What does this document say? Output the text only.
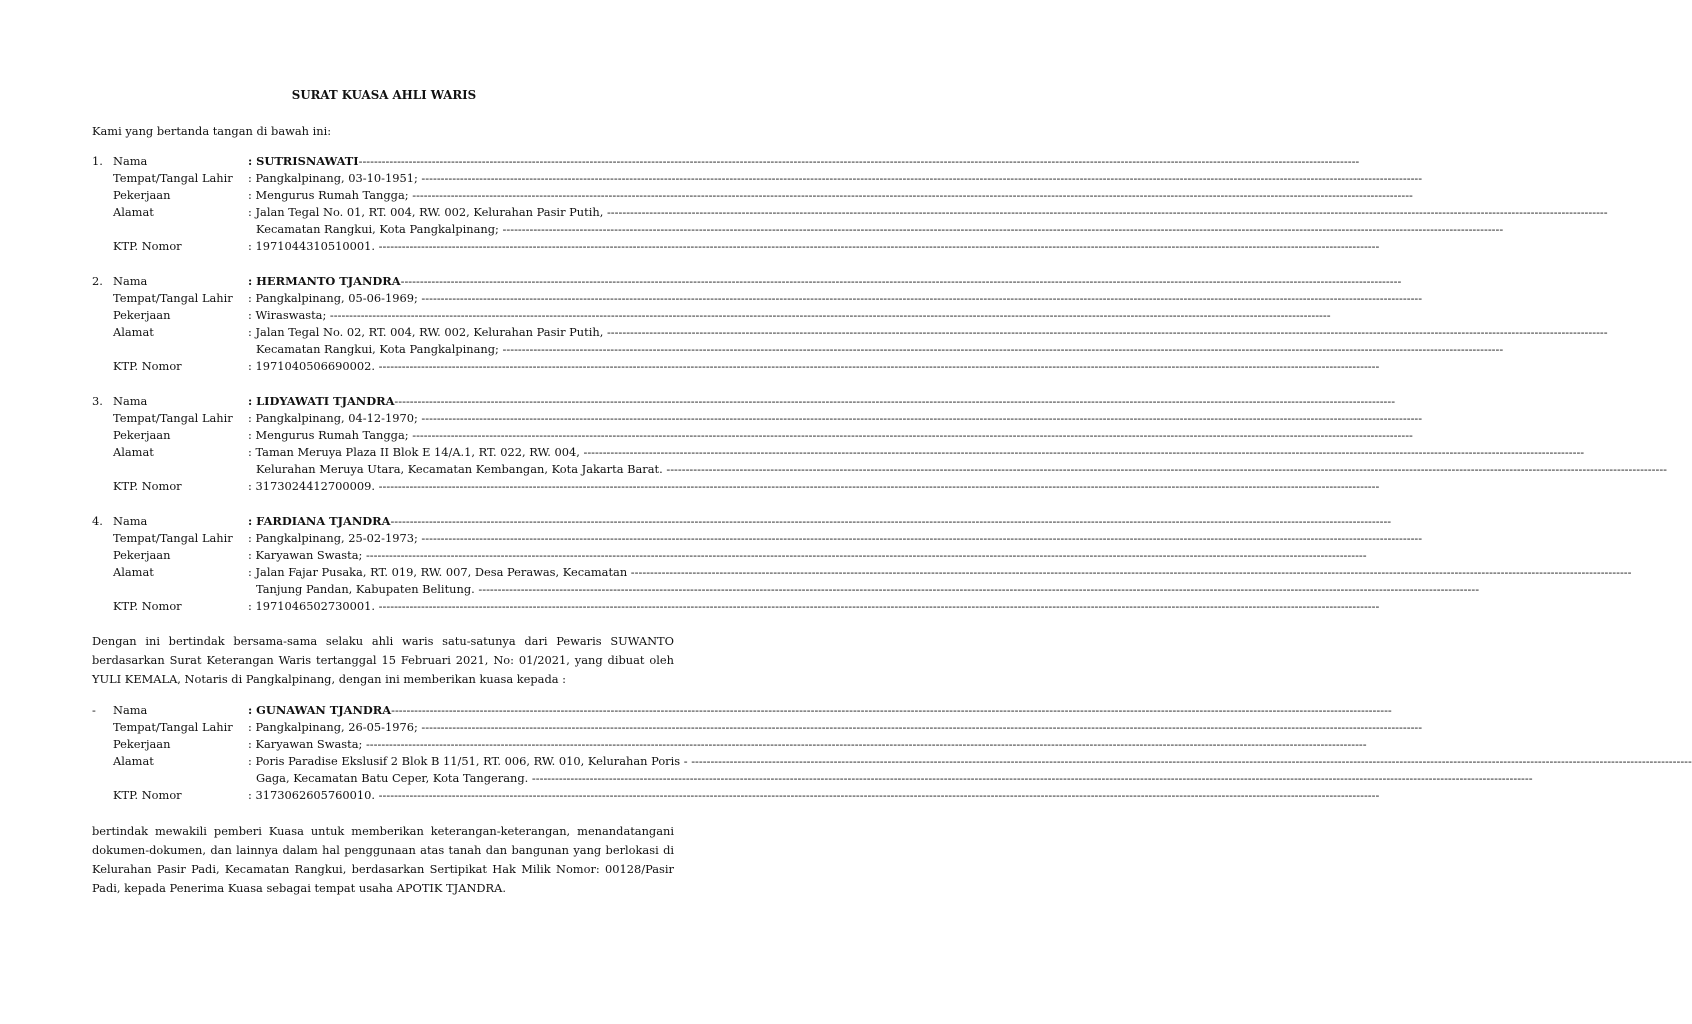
SURAT KUASA AHLI WARIS
Kami yang bertanda tangan di bawah ini:
1. Nama	: SUTRISNAWATI--------------------------------------------------------------------------------------------------------------------------------------------------------------------------------------------------------------------------------------------------------------------
Tempat/Tangal Lahir : Pangkalpinang, 03-10-1951; --------------------------------------------------------------------------------------------------------------------------------------------------------------------------------------------------------------------------------------------------------------------
Pekerjaan	: Mengurus Rumah Tangga; --------------------------------------------------------------------------------------------------------------------------------------------------------------------------------------------------------------------------------------------------------------------
Alamat	: Jalan Tegal No. 01, RT. 004, RW. 002, Kelurahan Pasir Putih, --------------------------------------------------------------------------------------------------------------------------------------------------------------------------------------------------------------------------------------------------------------------
Kecamatan Rangkui, Kota Pangkalpinang; --------------------------------------------------------------------------------------------------------------------------------------------------------------------------------------------------------------------------------------------------------------------
KTP. Nomor	: 1971044310510001. --------------------------------------------------------------------------------------------------------------------------------------------------------------------------------------------------------------------------------------------------------------------
2. Nama	: HERMANTO TJANDRA--------------------------------------------------------------------------------------------------------------------------------------------------------------------------------------------------------------------------------------------------------------------
Tempat/Tangal Lahir : Pangkalpinang, 05-06-1969; --------------------------------------------------------------------------------------------------------------------------------------------------------------------------------------------------------------------------------------------------------------------
Pekerjaan	: Wiraswasta; --------------------------------------------------------------------------------------------------------------------------------------------------------------------------------------------------------------------------------------------------------------------
Alamat	: Jalan Tegal No. 02, RT. 004, RW. 002, Kelurahan Pasir Putih, --------------------------------------------------------------------------------------------------------------------------------------------------------------------------------------------------------------------------------------------------------------------
Kecamatan Rangkui, Kota Pangkalpinang; --------------------------------------------------------------------------------------------------------------------------------------------------------------------------------------------------------------------------------------------------------------------
KTP. Nomor	: 1971040506690002. --------------------------------------------------------------------------------------------------------------------------------------------------------------------------------------------------------------------------------------------------------------------
3. Nama	: LIDYAWATI TJANDRA--------------------------------------------------------------------------------------------------------------------------------------------------------------------------------------------------------------------------------------------------------------------
Tempat/Tangal Lahir : Pangkalpinang, 04-12-1970; --------------------------------------------------------------------------------------------------------------------------------------------------------------------------------------------------------------------------------------------------------------------
Pekerjaan	: Mengurus Rumah Tangga; --------------------------------------------------------------------------------------------------------------------------------------------------------------------------------------------------------------------------------------------------------------------
Alamat	: Taman Meruya Plaza II Blok E 14/A.1, RT. 022, RW. 004, --------------------------------------------------------------------------------------------------------------------------------------------------------------------------------------------------------------------------------------------------------------------
Kelurahan Meruya Utara, Kecamatan Kembangan, Kota Jakarta Barat. --------------------------------------------------------------------------------------------------------------------------------------------------------------------------------------------------------------------------------------------------------------------
KTP. Nomor	: 3173024412700009. --------------------------------------------------------------------------------------------------------------------------------------------------------------------------------------------------------------------------------------------------------------------
4. Nama	: FARDIANA TJANDRA--------------------------------------------------------------------------------------------------------------------------------------------------------------------------------------------------------------------------------------------------------------------
Tempat/Tangal Lahir : Pangkalpinang, 25-02-1973; --------------------------------------------------------------------------------------------------------------------------------------------------------------------------------------------------------------------------------------------------------------------
Pekerjaan	: Karyawan Swasta; --------------------------------------------------------------------------------------------------------------------------------------------------------------------------------------------------------------------------------------------------------------------
Alamat	: Jalan Fajar Pusaka, RT. 019, RW. 007, Desa Perawas, Kecamatan --------------------------------------------------------------------------------------------------------------------------------------------------------------------------------------------------------------------------------------------------------------------
Tanjung Pandan, Kabupaten Belitung. --------------------------------------------------------------------------------------------------------------------------------------------------------------------------------------------------------------------------------------------------------------------
KTP. Nomor	: 1971046502730001. --------------------------------------------------------------------------------------------------------------------------------------------------------------------------------------------------------------------------------------------------------------------
Dengan ini bertindak bersama-sama selaku ahli waris satu-satunya dari Pewaris SUWANTO berdasarkan Surat Keterangan Waris tertanggal 15 Februari 2021, No: 01/2021, yang dibuat oleh YULI KEMALA, Notaris di Pangkalpinang, dengan ini memberikan kuasa kepada :
-	Nama	: GUNAWAN TJANDRA--------------------------------------------------------------------------------------------------------------------------------------------------------------------------------------------------------------------------------------------------------------------
Tempat/Tangal Lahir : Pangkalpinang, 26-05-1976; --------------------------------------------------------------------------------------------------------------------------------------------------------------------------------------------------------------------------------------------------------------------
Pekerjaan	: Karyawan Swasta; --------------------------------------------------------------------------------------------------------------------------------------------------------------------------------------------------------------------------------------------------------------------
Alamat	: Poris Paradise Ekslusif 2 Blok B 11/51, RT. 006, RW. 010, Kelurahan Poris - --------------------------------------------------------------------------------------------------------------------------------------------------------------------------------------------------------------------------------------------------------------------
Gaga, Kecamatan Batu Ceper, Kota Tangerang. --------------------------------------------------------------------------------------------------------------------------------------------------------------------------------------------------------------------------------------------------------------------
KTP. Nomor	: 3173062605760010. --------------------------------------------------------------------------------------------------------------------------------------------------------------------------------------------------------------------------------------------------------------------
bertindak mewakili pemberi Kuasa untuk memberikan keterangan-keterangan, menandatangani dokumen-dokumen, dan lainnya dalam hal penggunaan atas tanah dan bangunan yang berlokasi di Kelurahan Pasir Padi, Kecamatan Rangkui, berdasarkan Sertipikat Hak Milik Nomor: 00128/Pasir Padi, kepada Penerima Kuasa sebagai tempat usaha APOTIK TJANDRA.
